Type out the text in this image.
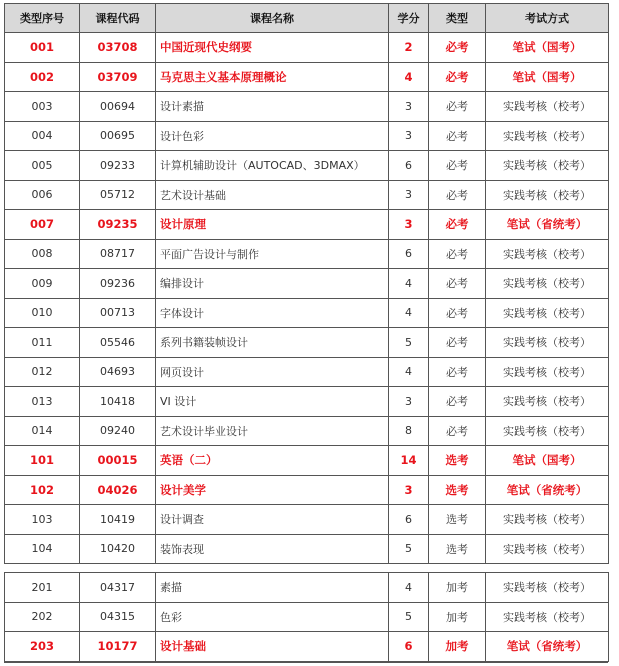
类型序号	课程代码	课程名称	学分	类型	考试方式
001	03708	中国近现代史纲要	2	必考	笔试（国考）
002	03709	马克思主义基本原理概论	4	必考	笔试（国考）
003	00694	设计素描	3	必考	实践考核（校考）
004	00695	设计色彩	3	必考	实践考核（校考）
005	09233	计算机辅助设计（AUTOCAD、3DMAX）	6	必考	实践考核（校考）
006	05712	艺术设计基础	3	必考	实践考核（校考）
007	09235	设计原理	3	必考	笔试（省统考）
008	08717	平面广告设计与制作	6	必考	实践考核（校考）
009	09236	编排设计	4	必考	实践考核（校考）
010	00713	字体设计	4	必考	实践考核（校考）
011	05546	系列书籍装帧设计	5	必考	实践考核（校考）
012	04693	网页设计	4	必考	实践考核（校考）
013	10418	VI 设计	3	必考	实践考核（校考）
014	09240	艺术设计毕业设计	8	必考	实践考核（校考）
101	00015	英语（二）	14	选考	笔试（国考）
102	04026	设计美学	3	选考	笔试（省统考）
103	10419	设计调查	6	选考	实践考核（校考）
104	10420	装饰表现	5	选考	实践考核（校考）
201	04317	素描	4	加考	实践考核（校考）
202	04315	色彩	5	加考	实践考核（校考）
203	10177	设计基础	6	加考	笔试（省统考）
